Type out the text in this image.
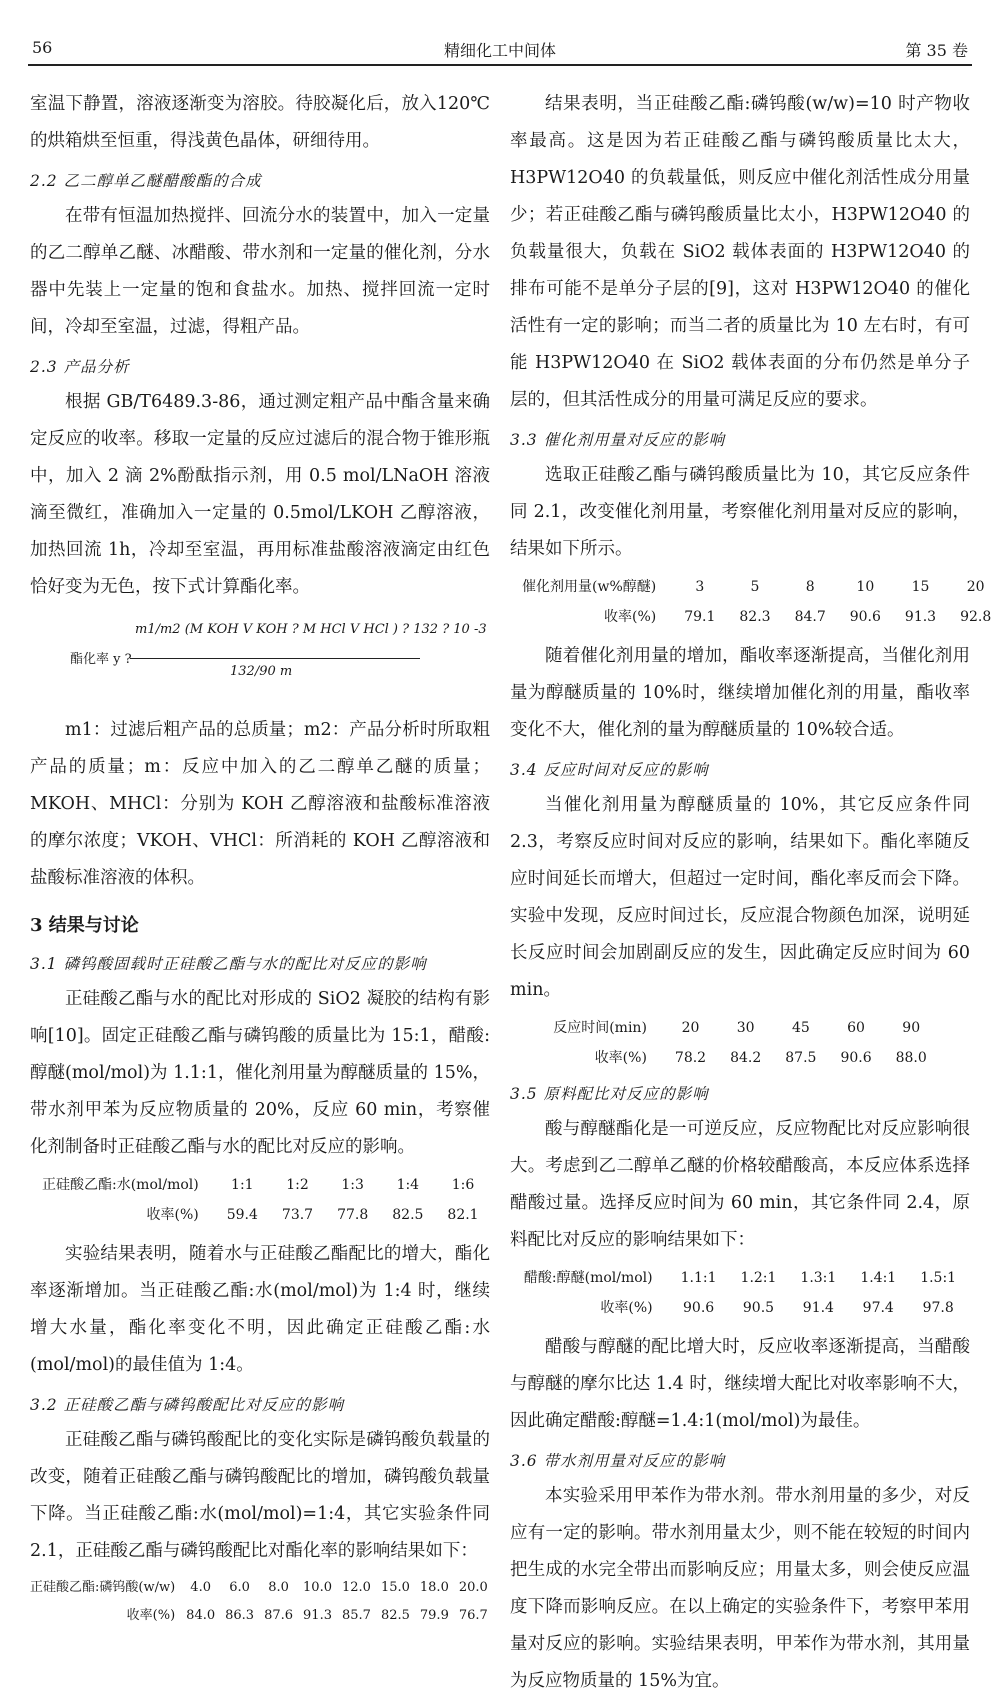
56	精细化工中间体	第 35 卷

室温下静置，溶液逐渐变为溶胶。待胶凝化后，放入120℃的烘箱烘至恒重，得浅黄色晶体，研细待用。

2.2 乙二醇单乙醚醋酸酯的合成

在带有恒温加热搅拌、回流分水的装置中，加入一定量的乙二醇单乙醚、冰醋酸、带水剂和一定量的催化剂，分水器中先装上一定量的饱和食盐水。加热、搅拌回流一定时间，冷却至室温，过滤，得粗产品。

2.3 产品分析

根据 GB/T6489.3-86，通过测定粗产品中酯含量来确定反应的收率。移取一定量的反应过滤后的混合物于锥形瓶中，加入 2 滴 2%酚酞指示剂，用 0.5 mol/LNaOH 溶液滴至微红，准确加入一定量的 0.5mol/LKOH 乙醇溶液，加热回流 1h，冷却至室温，再用标准盐酸溶液滴定由红色恰好变为无色，按下式计算酯化率。

酯化率 y ?
m1/m2 (M KOH V KOH ? M HCl V HCl ) ? 132 ? 10 -3
132/90 m

m1：过滤后粗产品的总质量；m2：产品分析时所取粗产品的质量；m：反应中加入的乙二醇单乙醚的质量；MKOH、MHCl：分别为 KOH 乙醇溶液和盐酸标准溶液的摩尔浓度；VKOH、VHCl：所消耗的 KOH 乙醇溶液和盐酸标准溶液的体积。

3 结果与讨论
3.1 磷钨酸固载时正硅酸乙酯与水的配比对反应的影响

正硅酸乙酯与水的配比对形成的 SiO2 凝胶的结构有影响[10]。固定正硅酸乙酯与磷钨酸的质量比为 15:1，醋酸:醇醚(mol/mol)为 1.1:1，催化剂用量为醇醚质量的 15%，带水剂甲苯为反应物质量的 20%，反应 60 min，考察催化剂制备时正硅酸乙酯与水的配比对反应的影响。

正硅酸乙酯:水(mol/mol)	1:1	1:2	1:3	1:4	1:6
收率(%)	59.4	73.7	77.8	82.5	82.1

实验结果表明，随着水与正硅酸乙酯配比的增大，酯化率逐渐增加。当正硅酸乙酯:水(mol/mol)为 1:4 时，继续增大水量，酯化率变化不明，因此确定正硅酸乙酯:水(mol/mol)的最佳值为 1:4。

3.2 正硅酸乙酯与磷钨酸配比对反应的影响

正硅酸乙酯与磷钨酸配比的变化实际是磷钨酸负载量的改变，随着正硅酸乙酯与磷钨酸配比的增加，磷钨酸负载量下降。当正硅酸乙酯:水(mol/mol)=1:4，其它实验条件同 2.1，正硅酸乙酯与磷钨酸配比对酯化率的影响结果如下：

正硅酸乙酯:磷钨酸(w/w)	4.0	6.0	8.0	10.0	12.0	15.0	18.0	20.0
收率(%)	84.0	86.3	87.6	91.3	85.7	82.5	79.9	76.7

结果表明，当正硅酸乙酯:磷钨酸(w/w)=10 时产物收率最高。这是因为若正硅酸乙酯与磷钨酸质量比太大，H3PW12O40 的负载量低，则反应中催化剂活性成分用量少；若正硅酸乙酯与磷钨酸质量比太小，H3PW12O40 的负载量很大，负载在 SiO2 载体表面的 H3PW12O40 的排布可能不是单分子层的[9]，这对 H3PW12O40 的催化活性有一定的影响；而当二者的质量比为 10 左右时，有可能 H3PW12O40 在 SiO2 载体表面的分布仍然是单分子层的，但其活性成分的用量可满足反应的要求。

3.3 催化剂用量对反应的影响

选取正硅酸乙酯与磷钨酸质量比为 10，其它反应条件同 2.1，改变催化剂用量，考察催化剂用量对反应的影响，结果如下所示。

催化剂用量(w%醇醚)	3	5	8	10	15	20
收率(%)	79.1	82.3	84.7	90.6	91.3	92.8

随着催化剂用量的增加，酯收率逐渐提高，当催化剂用量为醇醚质量的 10%时，继续增加催化剂的用量，酯收率变化不大，催化剂的量为醇醚质量的 10%较合适。

3.4 反应时间对反应的影响

当催化剂用量为醇醚质量的 10%，其它反应条件同 2.3，考察反应时间对反应的影响，结果如下。酯化率随反应时间延长而增大，但超过一定时间，酯化率反而会下降。实验中发现，反应时间过长，反应混合物颜色加深，说明延长反应时间会加剧副反应的发生，因此确定反应时间为 60 min。

反应时间(min)	20	30	45	60	90
收率(%)	78.2	84.2	87.5	90.6	88.0
3.5 原料配比对反应的影响

酸与醇醚酯化是一可逆反应，反应物配比对反应影响很大。考虑到乙二醇单乙醚的价格较醋酸高，本反应体系选择醋酸过量。选择反应时间为 60 min，其它条件同 2.4，原料配比对反应的影响结果如下：

醋酸:醇醚(mol/mol)	1.1:1	1.2:1	1.3:1	1.4:1	1.5:1
收率(%)	90.6	90.5	91.4	97.4	97.8

醋酸与醇醚的配比增大时，反应收率逐渐提高，当醋酸与醇醚的摩尔比达 1.4 时，继续增大配比对收率影响不大，因此确定醋酸:醇醚=1.4:1(mol/mol)为最佳。

3.6 带水剂用量对反应的影响

本实验采用甲苯作为带水剂。带水剂用量的多少，对反应有一定的影响。带水剂用量太少，则不能在较短的时间内把生成的水完全带出而影响反应；用量太多，则会使反应温度下降而影响反应。在以上确定的实验条件下，考察甲苯用量对反应的影响。实验结果表明，甲苯作为带水剂，其用量为反应物质量的 15%为宜。
